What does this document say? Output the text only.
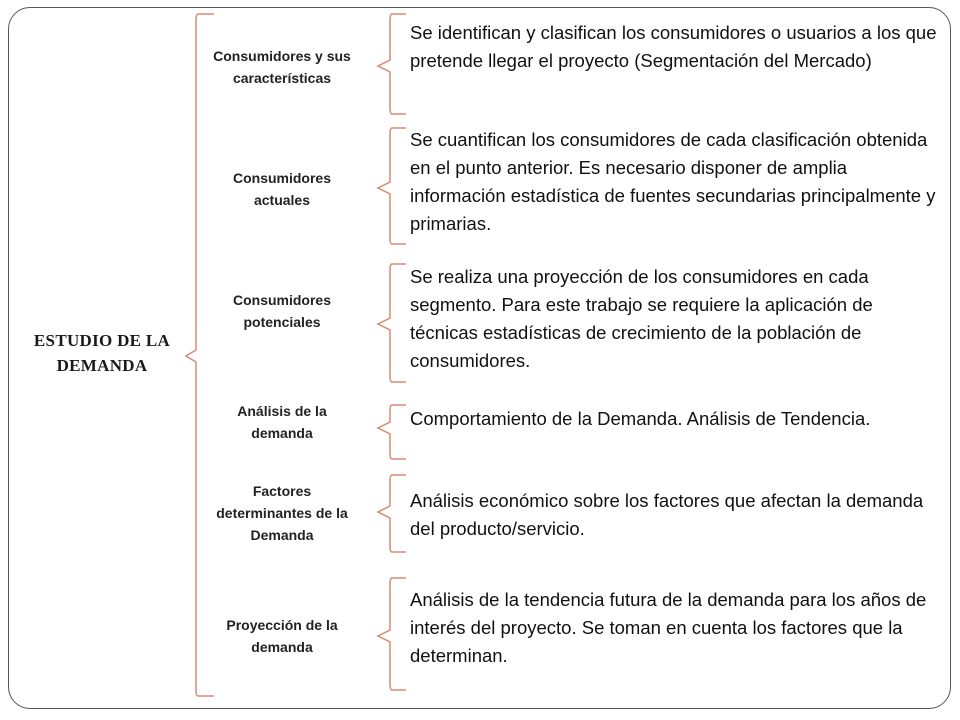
ESTUDIO DE LA DEMANDA
Consumidores y sus características
Consumidores actuales
Consumidores potenciales
Análisis de la demanda
Factores determinantes de la Demanda
Proyección de la demanda
Se identifican y clasifican los consumidores o usuarios a los que pretende llegar el proyecto (Segmentación del Mercado)
Se cuantifican los consumidores de cada clasificación obtenida en el punto anterior. Es necesario disponer de amplia información estadística de fuentes secundarias principalmente y primarias.
Se realiza una proyección de los consumidores en cada segmento. Para este trabajo se requiere la aplicación de técnicas estadísticas de crecimiento de la población de consumidores.
Comportamiento de la Demanda. Análisis de Tendencia.
Análisis económico sobre los factores que afectan la demanda del producto/servicio.
Análisis de la tendencia futura de la demanda para los años de interés del proyecto. Se toman en cuenta los factores que la determinan.
